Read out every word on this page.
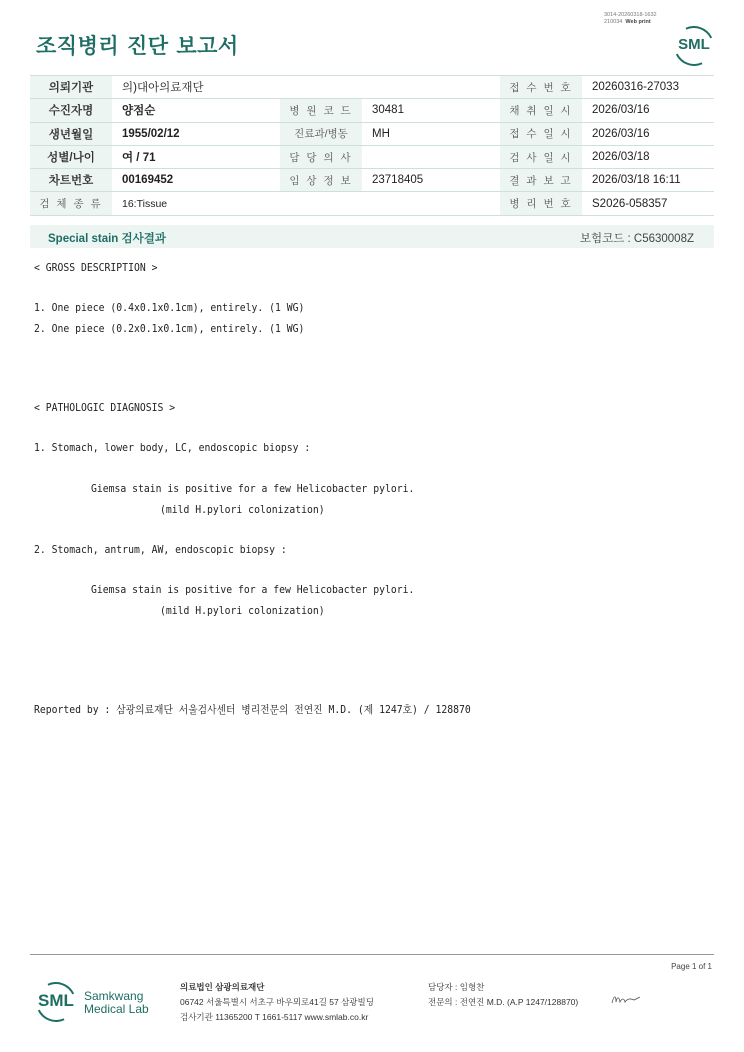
3014-20260318-1632
210034 Web print
조직병리 진단 보고서	SML
의뢰기관	의)대아의료재단			접 수 번 호	20260316-27033
수진자명	양점순	병 원 코 드	30481	채 취 일 시	2026/03/16
생년월일	1955/02/12	진료과/병동	MH	접 수 일 시	2026/03/16
성별/나이	여 / 71	담 당 의 사		검 사 일 시	2026/03/18
차트번호	00169452	임 상 정 보	23718405	결 과 보 고	2026/03/18 16:11
검 체 종 류	16:Tissue			병 리 번 호	S2026-058357
Special stain 검사결과	보험코드 : C5630008Z
< GROSS DESCRIPTION >
1. One piece (0.4x0.1x0.1cm), entirely. (1 WG)
2. One piece (0.2x0.1x0.1cm), entirely. (1 WG)
< PATHOLOGIC DIAGNOSIS >
1. Stomach, lower body, LC, endoscopic biopsy :
Giemsa stain is positive for a few Helicobacter pylori.
(mild H.pylori colonization)
2. Stomach, antrum, AW, endoscopic biopsy :
Giemsa stain is positive for a few Helicobacter pylori.
(mild H.pylori colonization)
Reported by : 삼광의료재단 서울검사센터 병리전문의 전연진 M.D. (제 1247호) / 128870
Page 1 of 1
SML Samkwang
Medical Lab
의료법인 삼광의료재단
06742 서울특별시 서초구 바우뫼로41길 57 삼광빌딩
검사기관 11365200 T 1661-5117 www.smlab.co.kr
담당자 : 임형찬
전문의 : 전연진 M.D. (A.P 1247/128870)
